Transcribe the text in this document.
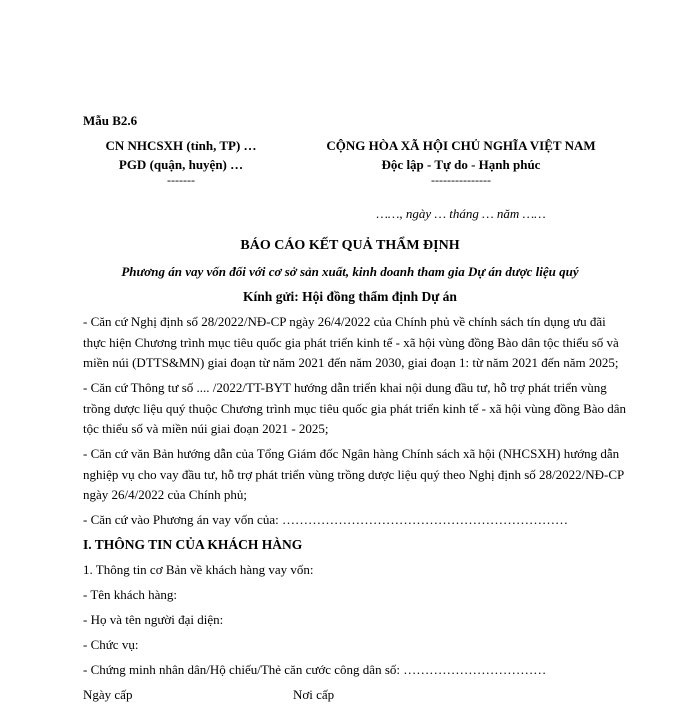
Mẫu B2.6
CN NHCSXH (tỉnh, TP) …
PGD (quận, huyện) …
-------
CỘNG HÒA XÃ HỘI CHỦ NGHĨA VIỆT NAM
Độc lập - Tự do - Hạnh phúc
---------------
……, ngày … tháng … năm ……
BÁO CÁO KẾT QUẢ THẨM ĐỊNH
Phương án vay vốn đối với cơ sở sản xuất, kinh doanh tham gia Dự án dược liệu quý
Kính gửi: Hội đồng thẩm định Dự án

- Căn cứ Nghị định số 28/2022/NĐ-CP ngày 26/4/2022 của Chính phủ về chính sách tín dụng ưu đãi thực hiện Chương trình mục tiêu quốc gia phát triển kinh tế - xã hội vùng đồng Bào dân tộc thiểu số và miền núi (DTTS&MN) giai đoạn từ năm 2021 đến năm 2030, giai đoạn 1: từ năm 2021 đến năm 2025;

- Căn cứ Thông tư số .... /2022/TT-BYT hướng dẫn triển khai nội dung đầu tư, hỗ trợ phát triển vùng trồng dược liệu quý thuộc Chương trình mục tiêu quốc gia phát triển kinh tế - xã hội vùng đồng Bào dân tộc thiểu số và miền núi giai đoạn 2021 - 2025;

- Căn cứ văn Bản hướng dẫn của Tổng Giám đốc Ngân hàng Chính sách xã hội (NHCSXH) hướng dẫn nghiệp vụ cho vay đầu tư, hỗ trợ phát triển vùng trồng dược liệu quý theo Nghị định số 28/2022/NĐ-CP ngày 26/4/2022 của Chính phủ;

- Căn cứ vào Phương án vay vốn của: …………………………………………………………

I. THÔNG TIN CỦA KHÁCH HÀNG
1. Thông tin cơ Bản về khách hàng vay vốn:
- Tên khách hàng:
- Họ và tên người đại diện:
- Chức vụ:
- Chứng minh nhân dân/Hộ chiếu/Thẻ căn cước công dân số: ……………………………
Ngày cấp	Nơi cấp
